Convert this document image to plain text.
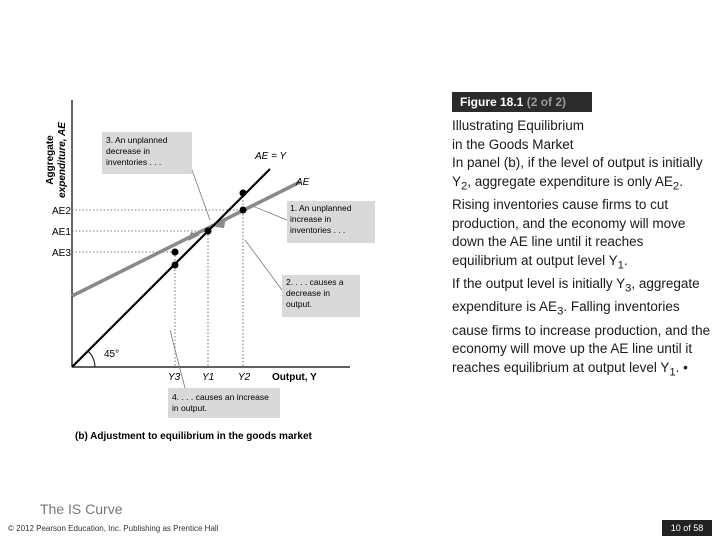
Aggregate expenditure, AE	3. An unplanned
decrease in
inventories . . .
1. An unplanned
increase in
inventories . . .
2. . . . causes a
decrease in
output.
4. . . . causes an increase
in output.
45°
AE = Y
AE
AE2
AE1
AE3
Y3 Y1 Y2 Output, Y
(b) Adjustment to equilibrium in the goods market
Figure 18.1 (2 of 2)

Illustrating Equilibrium

in the Goods Market

In panel (b), if the level of output is initially $Y_2$, aggregate expenditure is only $AE_2$.
Rising inventories cause firms to cut production, and the economy will move down the AE line until it reaches equilibrium at output level $Y_1$.
If the output level is initially $Y_3$, aggregate expenditure is $AE_3$. Falling inventories cause firms to increase production, and the economy will move up the AE line until it reaches equilibrium at output level $Y_1$. •

The IS Curve
© 2012 Pearson Education, Inc. Publishing as Prentice Hall	10 of 58
